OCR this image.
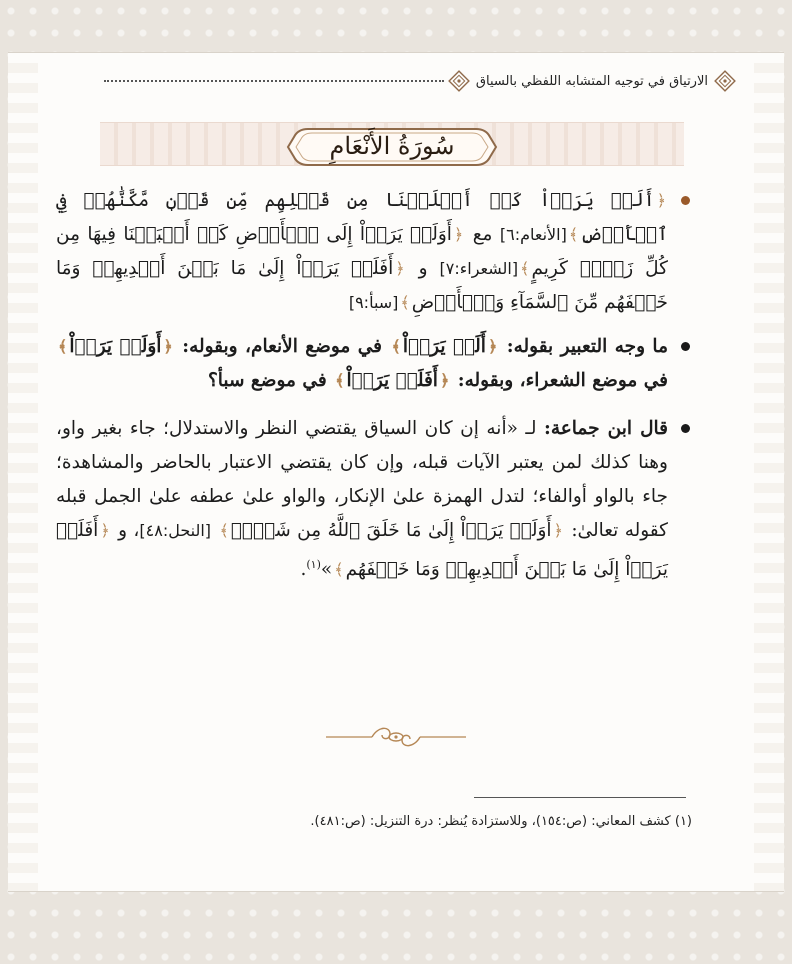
الارتياق في توجيه المتشابه اللفظي بالسياق
سُورَةُ الأَنْعَامِ

﴿أَلَمۡ يَرَوۡاْ كَمۡ أَهۡلَكۡنَا مِن قَبۡلِهِم مِّن قَرۡنٖ مَّكَّنَّٰهُمۡ فِي ٱلۡأَرۡضِ﴾[الأنعام:٦] مع ﴿أَوَلَمۡ يَرَوۡاْ إِلَى ٱلۡأَرۡضِ كَمۡ أَنۢبَتۡنَا فِيهَا مِن كُلِّ زَوۡجٖ كَرِيمٍ﴾[الشعراء:٧] و ﴿أَفَلَمۡ يَرَوۡاْ إِلَىٰ مَا بَيۡنَ أَيۡدِيهِمۡ وَمَا خَلۡفَهُم مِّنَ ٱلسَّمَآءِ وَٱلۡأَرۡضِ﴾[سبأ:٩]

ما وجه التعبير بقوله: ﴿أَلَمۡ يَرَوۡاْ﴾ في موضع الأنعام، وبقوله: ﴿أَوَلَمۡ يَرَوۡاْ﴾ في موضع الشعراء، وبقوله: ﴿أَفَلَمۡ يَرَوۡاْ﴾ في موضع سبأ؟

قال ابن جماعة: لـ «أنه إن كان السياق يقتضي النظر والاستدلال؛ جاء بغير واو، وهنا كذلك لمن يعتبر الآيات قبله، وإن كان يقتضي الاعتبار بالحاضر والمشاهدة؛ جاء بالواو أوالفاء؛ لتدل الهمزة علىٰ الإنكار، والواو علىٰ عطفه علىٰ الجمل قبله كقوله تعالىٰ: ﴿أَوَلَمۡ يَرَوۡاْ إِلَىٰ مَا خَلَقَ ٱللَّهُ مِن شَيۡءٖ﴾ [النحل:٤٨]، و ﴿أَفَلَمۡ يَرَوۡاْ إِلَىٰ مَا بَيۡنَ أَيۡدِيهِمۡ وَمَا خَلۡفَهُم﴾»$^{(١)}$.

(١) كشف المعاني: (ص:١٥٤)، وللاستزادة يُنظر: درة التنزيل: (ص:٤٨١).
